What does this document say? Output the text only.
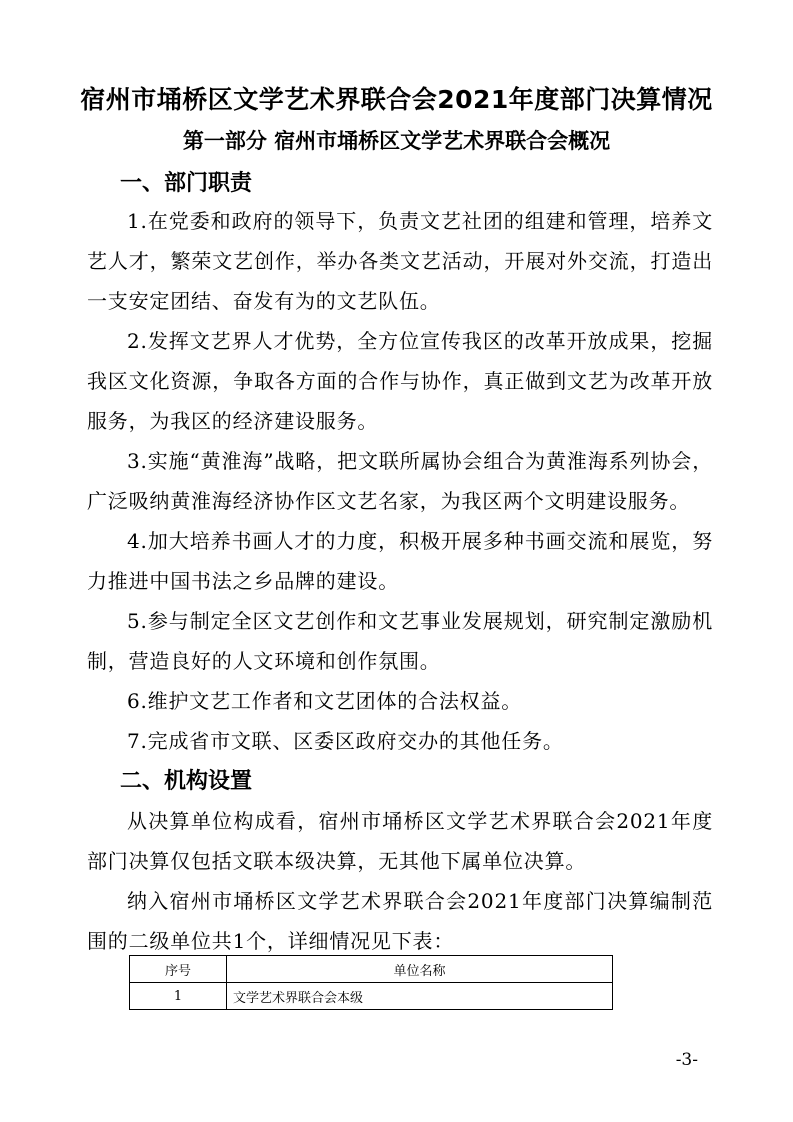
宿州市埇桥区文学艺术界联合会2021年度部门决算情况
第一部分 宿州市埇桥区文学艺术界联合会概况
一、部门职责

1.在党委和政府的领导下，负责文艺社团的组建和管理，培养文艺人才，繁荣文艺创作，举办各类文艺活动，开展对外交流，打造出一支安定团结、奋发有为的文艺队伍。

2.发挥文艺界人才优势，全方位宣传我区的改革开放成果，挖掘我区文化资源，争取各方面的合作与协作，真正做到文艺为改革开放服务，为我区的经济建设服务。

3.实施“黄淮海”战略，把文联所属协会组合为黄淮海系列协会，广泛吸纳黄淮海经济协作区文艺名家，为我区两个文明建设服务。

4.加大培养书画人才的力度，积极开展多种书画交流和展览，努力推进中国书法之乡品牌的建设。

5.参与制定全区文艺创作和文艺事业发展规划，研究制定激励机制，营造良好的人文环境和创作氛围。

6.维护文艺工作者和文艺团体的合法权益。

7.完成省市文联、区委区政府交办的其他任务。

二、机构设置

从决算单位构成看，宿州市埇桥区文学艺术界联合会2021年度部门决算仅包括文联本级决算，无其他下属单位决算。

纳入宿州市埇桥区文学艺术界联合会2021年度部门决算编制范围的二级单位共1个，详细情况见下表：

序号	单位名称
1	文学艺术界联合会本级
-3-
